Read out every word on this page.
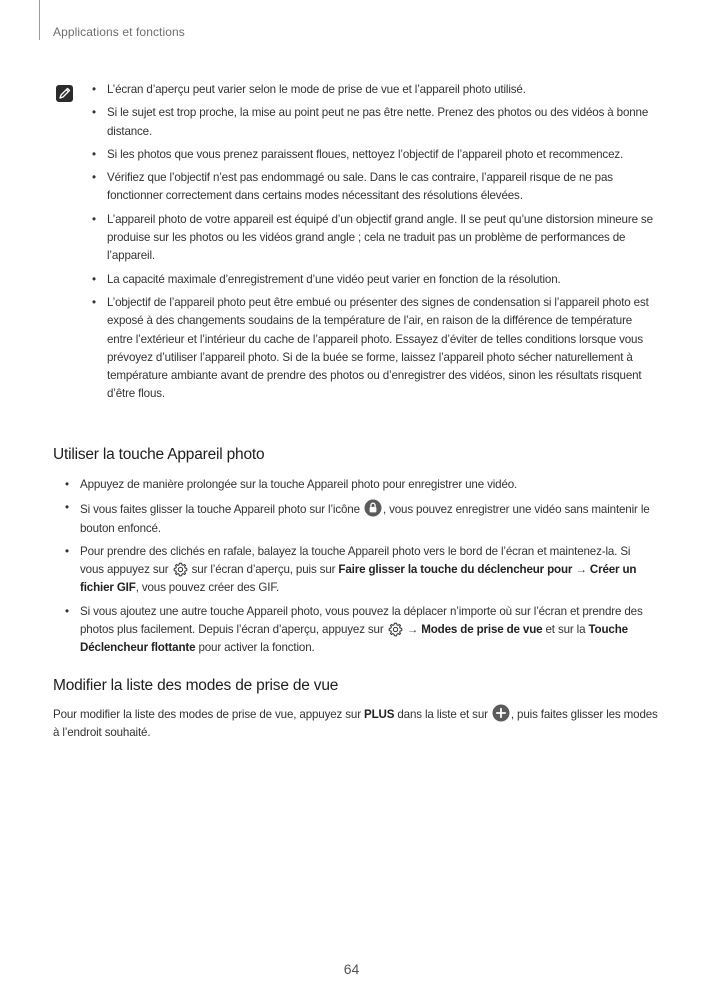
Applications et fonctions
• L’écran d’aperçu peut varier selon le mode de prise de vue et l’appareil photo utilisé.
• Si le sujet est trop proche, la mise au point peut ne pas être nette. Prenez des photos ou des vidéos à bonne distance.
• Si les photos que vous prenez paraissent floues, nettoyez l’objectif de l’appareil photo et recommencez.
• Vérifiez que l’objectif n’est pas endommagé ou sale. Dans le cas contraire, l’appareil risque de ne pas fonctionner correctement dans certains modes nécessitant des résolutions élevées.
• L’appareil photo de votre appareil est équipé d’un objectif grand angle. Il se peut qu’une distorsion mineure se produise sur les photos ou les vidéos grand angle ; cela ne traduit pas un problème de performances de l’appareil.
• La capacité maximale d’enregistrement d’une vidéo peut varier en fonction de la résolution.
• L’objectif de l’appareil photo peut être embué ou présenter des signes de condensation si l’appareil photo est exposé à des changements soudains de la température de l’air, en raison de la différence de température entre l’extérieur et l’intérieur du cache de l’appareil photo. Essayez d’éviter de telles conditions lorsque vous prévoyez d’utiliser l’appareil photo. Si de la buée se forme, laissez l’appareil photo sécher naturellement à température ambiante avant de prendre des photos ou d’enregistrer des vidéos, sinon les résultats risquent d’être flous.
Utiliser la touche Appareil photo
• Appuyez de manière prolongée sur la touche Appareil photo pour enregistrer une vidéo.
• Si vous faites glisser la touche Appareil photo sur l’icône
, vous pouvez enregistrer une vidéo sans maintenir le bouton enfoncé.
• Pour prendre des clichés en rafale, balayez la touche Appareil photo vers le bord de l’écran et maintenez-la. Si vous appuyez sur
sur l’écran d’aperçu, puis sur Faire glisser la touche du déclencheur pour → Créer un fichier GIF, vous pouvez créer des GIF.
• Si vous ajoutez une autre touche Appareil photo, vous pouvez la déplacer n’importe où sur l’écran et prendre des photos plus facilement. Depuis l’écran d’aperçu, appuyez sur
→ Modes de prise de vue et sur la Touche Déclencheur flottante pour activer la fonction.
Modifier la liste des modes de prise de vue

Pour modifier la liste des modes de prise de vue, appuyez sur PLUS dans la liste et sur
, puis faites glisser les modes à l’endroit souhaité.

64
